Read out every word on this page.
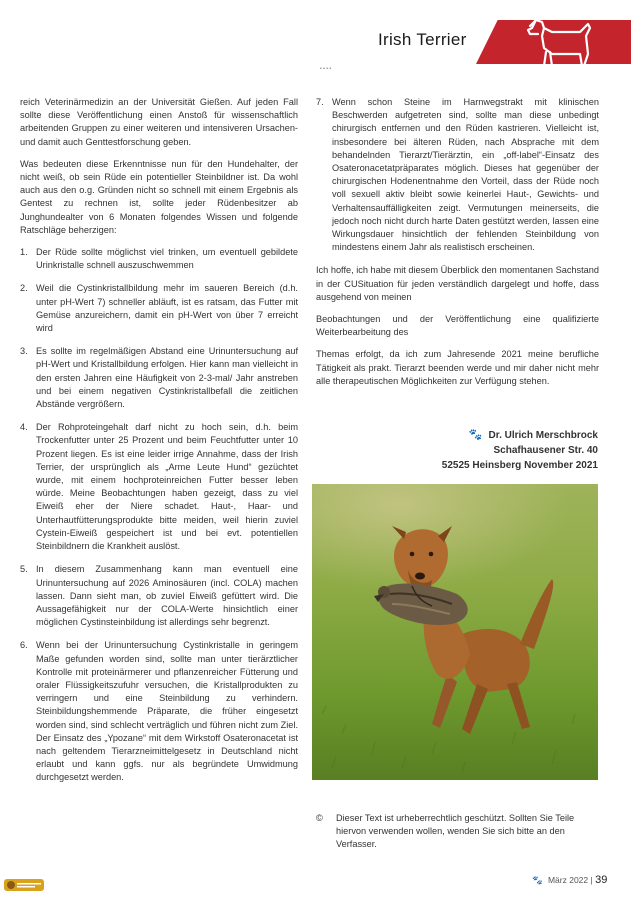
Irish Terrier
• • • •

reich Veterinärmedizin an der Universität Gießen. Auf jeden Fall sollte diese Veröffentlichung einen Anstoß für wissenschaftlich arbeitenden Gruppen zu einer weiteren und intensiveren Ursachen- und damit auch Genttestforschung geben.

Was bedeuten diese Erkenntnisse nun für den Hundehalter, der nicht weiß, ob sein Rüde ein potentieller Steinbildner ist. Da wohl auch aus den o.g. Gründen nicht so schnell mit einem Ergebnis als Gentest zu rechnen ist, sollte jeder Rüdenbesitzer ab Junghundealter von 6 Monaten folgendes Wissen und folgende Ratschläge beherzigen:

1. Der Rüde sollte möglichst viel trinken, um eventuell gebildete Urinkristalle schnell auszuschwemmen
2. Weil die Cystinkristallbildung mehr im saueren Bereich (d.h. unter pH-Wert 7) schneller abläuft, ist es ratsam, das Futter mit Gemüse anzureichern, damit ein pH-Wert von über 7 erreicht wird
3. Es sollte im regelmäßigen Abstand eine Urinuntersuchung auf pH-Wert und Kristallbildung erfolgen. Hier kann man vielleicht in den ersten Jahren eine Häufigkeit von 2-3-mal/ Jahr anstreben und bei einem negativen Cystinkristallbefall die zeitlichen Abstände vergrößern.
4. Der Rohproteingehalt darf nicht zu hoch sein, d.h. beim Trockenfutter unter 25 Prozent und beim Feuchtfutter unter 10 Prozent liegen. Es ist eine leider irrige Annahme, dass der Irish Terrier, der ursprünglich als „Arme Leute Hund“ gezüchtet wurde, mit einem hochproteinreichen Futter besser leben würde. Meine Beobachtungen haben gezeigt, dass zu viel Eiweiß eher der Niere schadet. Haut-, Haar- und Unterhautfütterungsprodukte bitte meiden, weil hierin zuviel Cystein-Eiweiß gespeichert ist und bei evt. potentiellen Steinbildnern die Krankheit auslöst.
5. In diesem Zusammenhang kann man eventuell eine Urinuntersuchung auf 2026 Aminosäuren (incl. COLA) machen lassen. Dann sieht man, ob zuviel Eiweiß gefüttert wird. Die Aussagefähigkeit nur der COLA-Werte hinsichtlich einer möglichen Cystinsteinbildung ist allerdings sehr begrenzt.
6. Wenn bei der Urinuntersuchung Cystinkristalle in geringem Maße gefunden worden sind, sollte man unter tierärztlicher Kontrolle mit proteinärmerer und pflanzenreicher Fütterung und oraler Flüssigkeitszufuhr versuchen, die Kristallprodukten zu verringern und eine Steinbildung zu verhindern. Steinbildungshemmende Präparate, die früher eingesetzt worden sind, sind schlecht verträglich und führen nicht zum Ziel. Der Einsatz des „Ypozane“ mit dem Wirkstoff Osateronacetat ist nach geltendem Tierarzneimittelgesetz in Deutschland nicht erlaubt und kann ggfs. nur als begründete Umwidmung durchgesetzt werden.
7. Wenn schon Steine im Harnwegstrakt mit klinischen Beschwerden aufgetreten sind, sollte man diese unbedingt chirurgisch entfernen und den Rüden kastrieren. Vielleicht ist, insbesondere bei älteren Rüden, nach Absprache mit dem behandelnden Tierarzt/Tierärztin, ein „off-label“-Einsatz des Osateronacetatpräparates möglich. Dieses hat gegenüber der chirurgischen Hodenentnahme den Vorteil, dass der Rüde noch voll sexuell aktiv bleibt sowie keinerlei Haut-, Gewichts- und Verhaltensauffälligkeiten zeigt. Vermutungen meinerseits, die jedoch noch nicht durch harte Daten gestützt werden, lassen eine Wirkungsdauer hinsichtlich der fehlenden Steinbildung von mindestens einem Jahr als realistisch erscheinen.

Ich hoffe, ich habe mit diesem Überblick den momentanen Sachstand in der CUSituation für jeden verständlich dargelegt und hoffe, dass ausgehend von meinen

Beobachtungen und der Veröffentlichung eine qualifizierte Weiterbearbeitung des

Themas erfolgt, da ich zum Jahresende 2021 meine berufliche Tätigkeit als prakt. Tierarzt beenden werde und mir daher nicht mehr alle therapeutischen Möglichkeiten zur Verfügung stehen.

🐾 Dr. Ulrich Merschbrock
Schafhausener Str. 40
52525 Heinsberg November 2021
©	Dieser Text ist urheberrechtlich geschützt. Sollten Sie Teile hiervon verwenden wollen, wenden Sie sich bitte an den Verfasser.
🐾 März 2022 | 39
